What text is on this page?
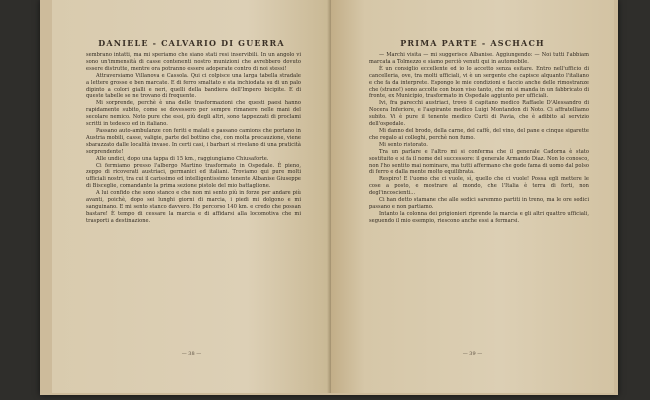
DANIELE - CALVARIO DI GUERRA

sembrano intatti, ma mi speriamo che siano stati resi inservibili. In un angolo vi sono un'immensità di casse contenenti nostro munizioni che avrebbero dovuto essere distrutte, mentre ora potranno essere adoperate contro di noi stessi!

Attraversiamo Villanova e Cassola. Qui ci colpisce una larga tabella stradale a lettere grosse e ben marcate. E di ferro smaltato e sta inchiodata su di un palo dipinto a colori gialli e neri, quelli della bandiera dell'Impero bicipite. E di queste tabelle se ne trovano di frequente.

Mi sorprende, perchè è una delle trasformazioni che questi paesi hanno rapidamente subito, come se dovessero per sempre rimanere nelle mani del secolare nemico. Noto pure che essi, più degli altri, sono tappezzati di proclami scritti in tedesco ed in italiano.

Passano auto-ambulanze con feriti e malati e passano camions che portano in Austria mobili, casse, valigie, parte del bottino che, con molta precauzione, viene sbarazzato dalle località invase. In certi casi, i barbari si rivelano di una praticità sorprendente!

Alle undici, dopo una tappa di 15 km., raggiungiamo Chiusaforte.

Ci fermiamo presso l'albergo Martino trasformato in Ospedale. È pieno, zeppo di ricoverati austriaci, germanici ed italiani. Troviamo qui pure molti ufficiali nostri, tra cui il carissimo ed intelligentissimo tenente Albanise Giuseppe di Bisceglie, comandante la prima sezione pistole del mio battaglione.

A lui confido che sono stanco e che non mi sento più in forze per andare più avanti, poichè, dopo sei lunghi giorni di marcia, i piedi mi dolgono e mi sanguinano. E mi sento stanco davvero. Ho percorso 140 km. e credo che possan bastare! È tempo di cessare la marcia e di affidarsi alla locomotiva che mi trasporti a destinazione.

— 38 —
PRIMA PARTE - ASCHACH

— Marchi visita — mi suggerisce Albanise. Aggiungendo: — Noi tutti l'abbiam marcata a Tolmezzo e siamo perciò venuti qui in automobile.

È un consiglio eccellente ed io lo accetto senza esitare. Entro nell'ufficio di cancelleria, ove, tra molti ufficiali, vi è un sergente che capisce alquanto l'italiano e che fa da interprete. Espongo le mie condizioni e faccio anche delle rimostranze che (strano!) sono accolte con buon viso tanto, che mi si manda in un fabbricato di fronte, ex Municipio, trasformato in Ospedale aggiunto per ufficiali.

Ivi, fra parecchi austriaci, trovo il capitano medico Raffaele D'Alessandro di Nocera Inferiore, e l'aspirante medico Luigi Montandon di Noto. Ci affratelliamo subito. Vi è pure il tenente medico Curti di Pavia, che è adibito al servizio dell'ospedale.

Mi danno del brodo, della carne, del caffè, del vino, del pane e cinque sigarette che regalo ai colleghi, perchè non fumo.

Mi sento ristorato.

Tra un parlare e l'altro mi si conferma che il generale Cadorna è stato sostituito e si fa il nome del successore: il generale Armando Diaz. Non lo conosco, non l'ho sentito mai nominare, ma tutti affermano che gode fama di uomo dal polso di ferro e dalla mente molto equilibrata.

Respiro! E l'uomo che ci vuole, sì, quello che ci vuole! Possa egli mettere le cose a posto, e mostrare al mondo, che l'Italia è terra di forti, non degl'incoscienti...

Ci han detto stamane che alle sedici saremmo partiti in treno, ma le ore sedici passano e non partiamo.

Intanto la colonna dei prigionieri riprende la marcia e gli altri quattro ufficiali, seguendo il mio esempio, riescono anche essi a fermarsi.

— 39 —
